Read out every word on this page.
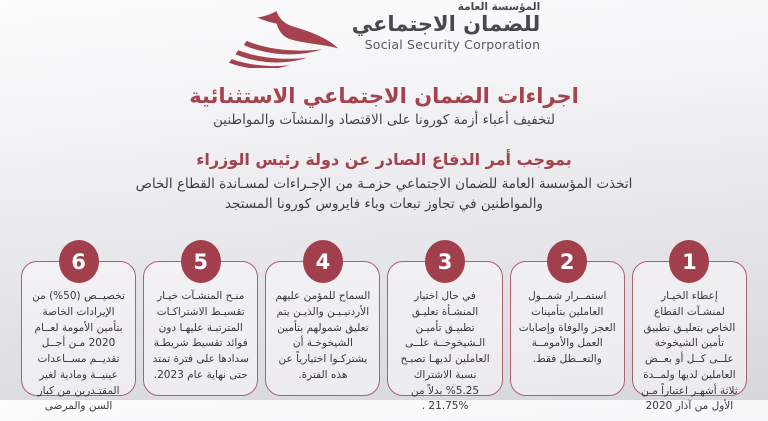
المؤسسة العامة
للضمان الاجتماعي
Social Security Corporation
اجراءات الضمان الاجتماعي الاستثنائية
لتخفيف أعباء أزمة كورونا على الاقتصاد والمنشآت والمواطنين
بموجب أمر الدفاع الصادر عن دولة رئيس الوزراء
اتخذت المؤسسة العامة للضمان الاجتماعي حزمـة من الإجـراءات لمسـاندة القطاع الخاص والمواطنين في تجاوز تبعات وباء فايروس كورونا المستجد
1
إعطاء الخيـار لمنشـآت القطاع الخاص بتعليـق تطبيق تأمين الشيخوخة علــى كــل أو بعــض العاملين لديها ولمــدة ثلاثة أشهـر اعتباراً مـن الأول من آذار 2020
2
استمــرار شمــول العاملين بتأمينات العجز والوفاة وإصابات العمل والأمومــة والتعــطل فقط.
3
في حال اختيار المنشـأة تعليـق تطبيـق تأميـن الـشيخوخــة علــى العاملين لديهـا تصبـح نسبة الاشتراك 5.25% بدلاً من %21.75 .
4
السماح للمؤمن عليهم الأردنيـيـن والذيـن يتم تعليق شمولهم بتأمين الشيخوخـة أن يشتركـوا اختيارياً عن هذه الفترة.
5
منـح المنشـآت خيـار تقسيـط الاشتراكـات المترتبـة عليهـا دون فوائد تقسيط شريطـة سدادها على فترة تمتد حتى نهاية عام 2023.
6
تخصيــص (50%) من الإيرادات الخاصة بتأمين الأمومة لعــام 2020 مـن أجــل تقديــم مســاعدات عينيــة ومادية لغير المقتـدرين من كبار السن والمرضى
